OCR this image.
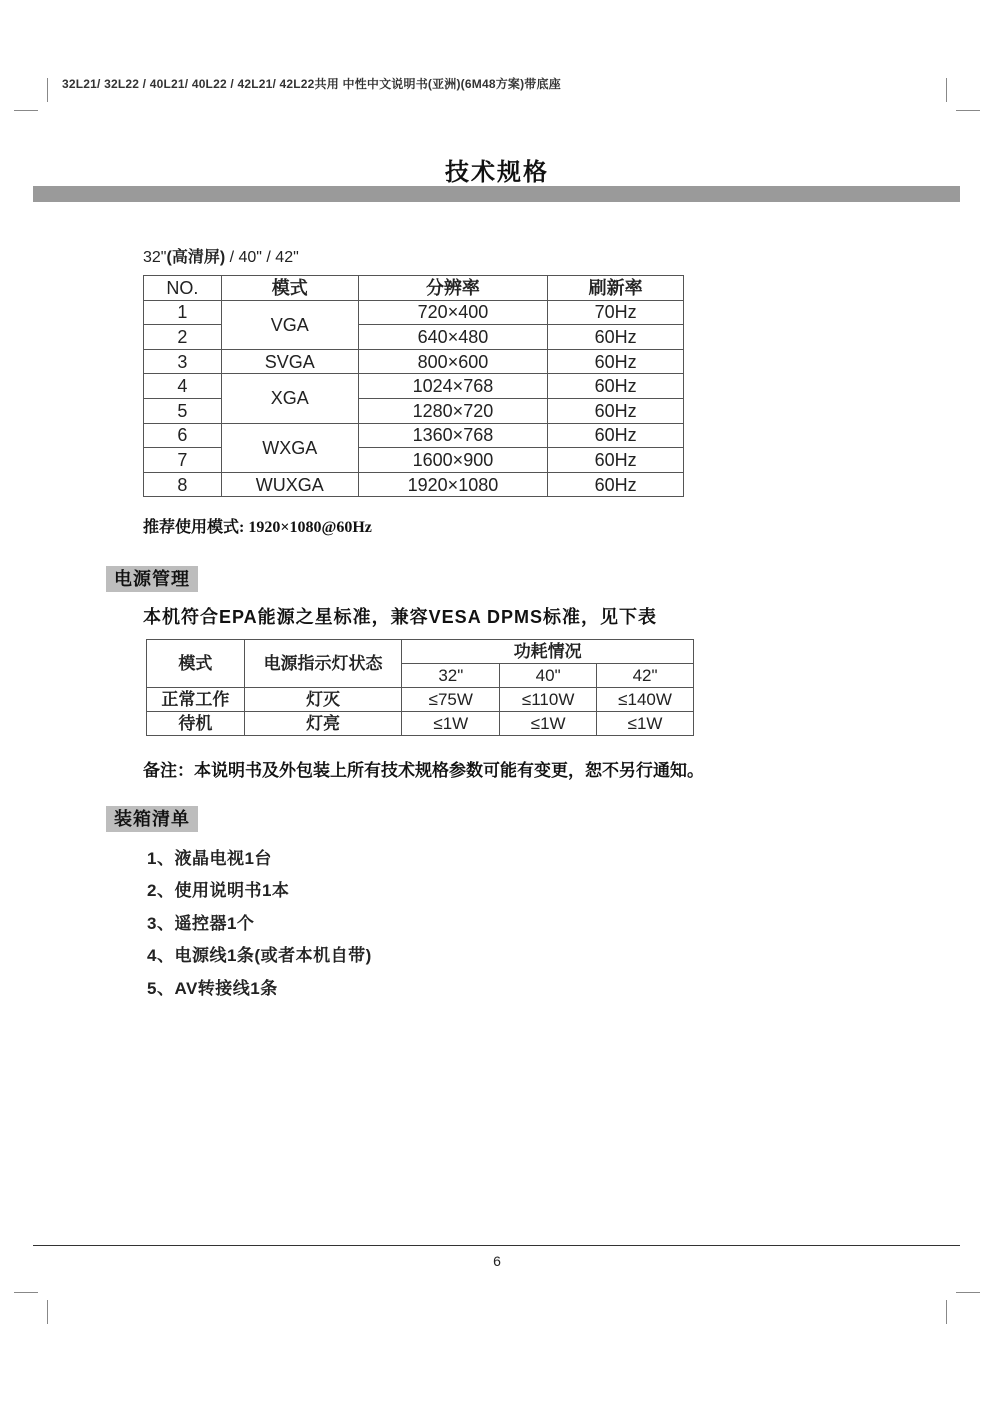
32L21/ 32L22 / 40L21/ 40L22 / 42L21/ 42L22共用 中性中文说明书(亚洲)(6M48方案)带底座
技术规格
32"(高清屏) / 40" / 42"
NO.	模式	分辨率	刷新率
1	VGA	720×400	70Hz
2		640×480	60Hz
3	SVGA	800×600	60Hz
4	XGA	1024×768	60Hz
5		1280×720	60Hz
6	WXGA	1360×768	60Hz
7		1600×900	60Hz
8	WUXGA	1920×1080	60Hz
推荐使用模式: 1920×1080@60Hz
电源管理
本机符合EPA能源之星标准，兼容VESA DPMS标准，见下表
模式	电源指示灯状态	功耗情况		
		32"	40"	42"
正常工作	灯灭	≤75W	≤110W	≤140W
待机	灯亮	≤1W	≤1W	≤1W
备注：本说明书及外包装上所有技术规格参数可能有变更，恕不另行通知。
装箱清单
1、液晶电视1台
2、使用说明书1本
3、遥控器1个
4、电源线1条(或者本机自带)
5、AV转接线1条
6
